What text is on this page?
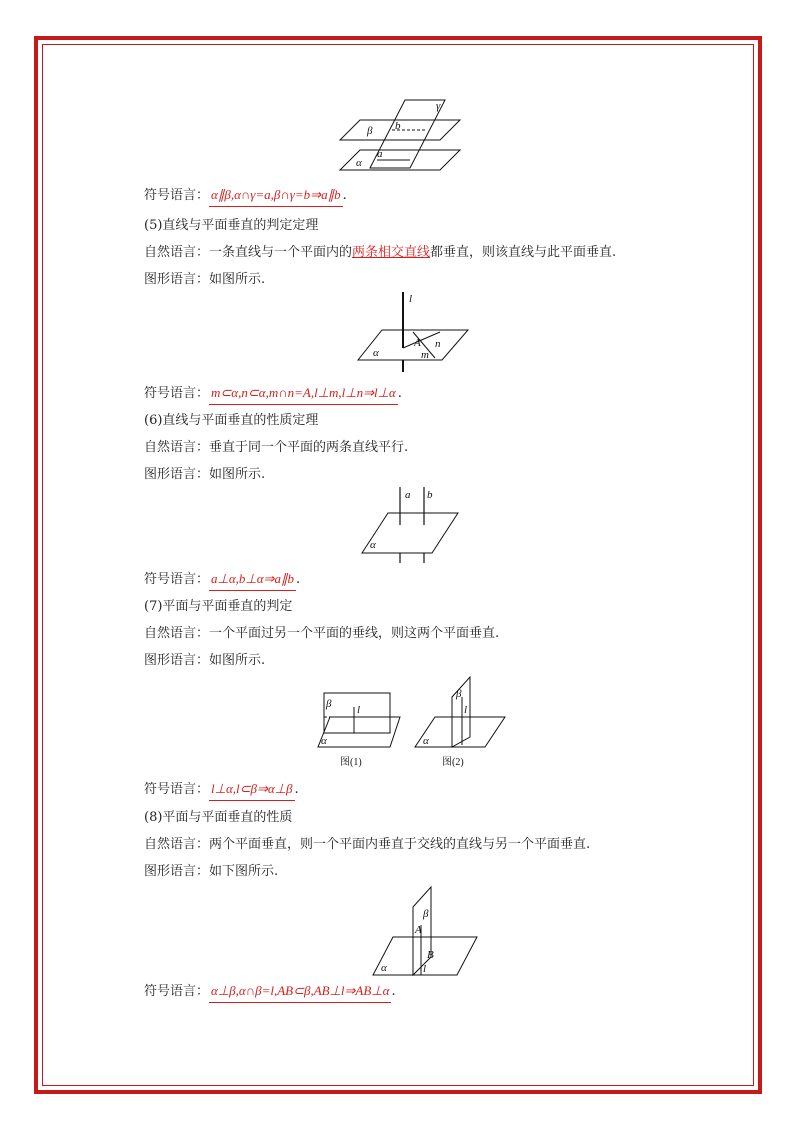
β b
γ
α
a
符号语言： α∥β,α∩γ=a,β∩γ=b⇒a∥b .
(5)直线与平面垂直的判定定理
自然语言：一条直线与一个平面内的两条相交直线都垂直，则该直线与此平面垂直.
图形语言：如图所示.
l
α
A n
m
符号语言： m⊂α,n⊂α,m∩n=A,l⊥m,l⊥n⇒l⊥α .
(6)直线与平面垂直的性质定理
自然语言：垂直于同一个平面的两条直线平行.
图形语言：如图所示.
a b
α
符号语言： a⊥α,b⊥α⇒a∥b .
(7)平面与平面垂直的判定
自然语言：一个平面过另一个平面的垂线，则这两个平面垂直.
图形语言：如图所示.
β l
α
图(1)
β
l
α
图(2)
符号语言： l⊥α,l⊂β⇒α⊥β .
(8)平面与平面垂直的性质
自然语言：两个平面垂直，则一个平面内垂直于交线的直线与另一个平面垂直.
图形语言：如下图所示.
β
A
B
l
α
符号语言： α⊥β,α∩β=l,AB⊂β,AB⊥l⇒AB⊥α .
